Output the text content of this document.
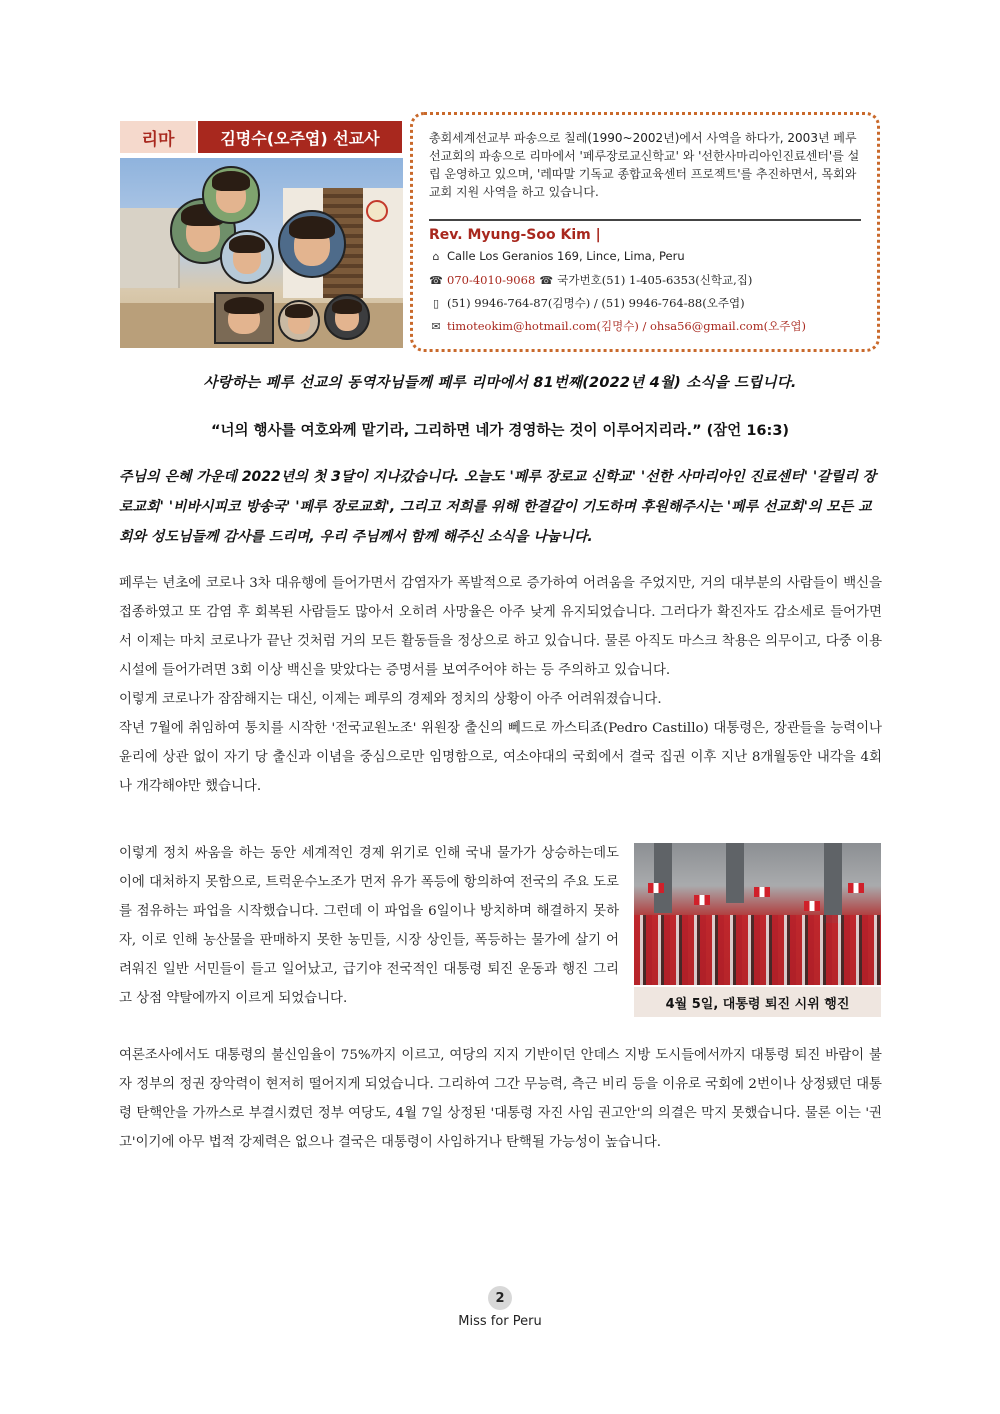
리마	김명수(오주엽) 선교사	총회세계선교부 파송으로 칠레(1990~2002년)에서 사역을 하다가, 2003년 페루선교회의 파송으로 리마에서 '페루장로교신학교' 와 '선한사마리아인진료센터'를 설립 운영하고 있으며, '레따말 기독교 종합교육센터 프로젝트'를 추진하면서, 목회와 교회 지원 사역을 하고 있습니다.
Rev. Myung-Soo Kim |
⌂ Calle Los Geranios 169, Lince, Lima, Peru
☎ 070-4010-9068 ☎ 국가번호(51) 1-405-6353(신학교,집)
▯ (51) 9946-764-87(김명수) / (51) 9946-764-88(오주엽)
✉ timoteokim@hotmail.com(김명수) / ohsa56@gmail.com(오주엽)
사랑하는 페루 선교의 동역자님들께 페루 리마에서 81번째(2022년 4월) 소식을 드립니다.
“너의 행사를 여호와께 맡기라, 그리하면 네가 경영하는 것이 이루어지리라.” (잠언 16:3)
주님의 은혜 가운데 2022년의 첫 3달이 지나갔습니다. 오늘도 '페루 장로교 신학교' '선한 사마리아인 진료센터' '갈릴리 장로교회' '비바시피코 방송국' '페루 장로교회', 그리고 저희를 위해 한결같이 기도하며 후원해주시는 '페루 선교회'의 모든 교회와 성도님들께 감사를 드리며, 우리 주님께서 함께 해주신 소식을 나눕니다.
페루는 년초에 코로나 3차 대유행에 들어가면서 감염자가 폭발적으로 증가하여 어려움을 주었지만, 거의 대부분의 사람들이 백신을 접종하였고 또 감염 후 회복된 사람들도 많아서 오히려 사망율은 아주 낮게 유지되었습니다. 그러다가 확진자도 감소세로 들어가면서 이제는 마치 코로나가 끝난 것처럼 거의 모든 활동들을 정상으로 하고 있습니다. 물론 아직도 마스크 착용은 의무이고, 다중 이용시설에 들어가려면 3회 이상 백신을 맞았다는 증명서를 보여주어야 하는 등 주의하고 있습니다.
이렇게 코로나가 잠잠해지는 대신, 이제는 페루의 경제와 정치의 상황이 아주 어려워졌습니다.
작년 7월에 취임하여 통치를 시작한 '전국교원노조' 위원장 출신의 뻬드로 까스티죠(Pedro Castillo) 대통령은, 장관들을 능력이나 윤리에 상관 없이 자기 당 출신과 이념을 중심으로만 임명함으로, 여소야대의 국회에서 결국 집권 이후 지난 8개월동안 내각을 4회나 개각해야만 했습니다.
이렇게 정치 싸움을 하는 동안 세계적인 경제 위기로 인해 국내 물가가 상승하는데도 이에 대처하지 못함으로, 트럭운수노조가 먼저 유가 폭등에 항의하여 전국의 주요 도로를 점유하는 파업을 시작했습니다. 그런데 이 파업을 6일이나 방치하며 해결하지 못하자, 이로 인해 농산물을 판매하지 못한 농민들, 시장 상인들, 폭등하는 물가에 살기 어려워진 일반 서민들이 들고 일어났고, 급기야 전국적인 대통령 퇴진 운동과 행진 그리고 상점 약탈에까지 이르게 되었습니다.	4월 5일, 대통령 퇴진 시위 행진
여론조사에서도 대통령의 불신임율이 75%까지 이르고, 여당의 지지 기반이던 안데스 지방 도시들에서까지 대통령 퇴진 바람이 불자 정부의 정권 장악력이 현저히 떨어지게 되었습니다. 그리하여 그간 무능력, 측근 비리 등을 이유로 국회에 2번이나 상정됐던 대통령 탄핵안을 가까스로 부결시켰던 정부 여당도, 4월 7일 상정된 '대통령 자진 사임 권고안'의 의결은 막지 못했습니다. 물론 이는 '권고'이기에 아무 법적 강제력은 없으나 결국은 대통령이 사임하거나 탄핵될 가능성이 높습니다.
2
Miss for Peru
